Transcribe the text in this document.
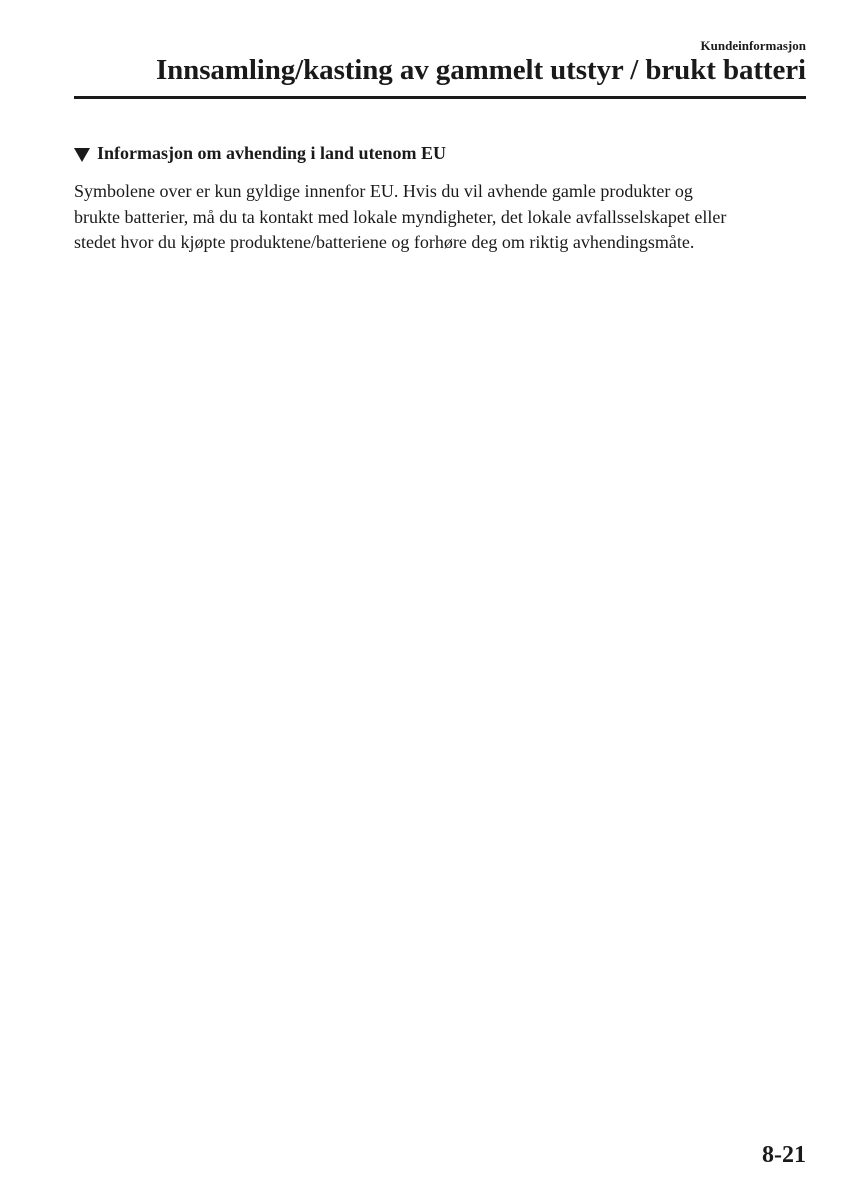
Kundeinformasjon
Innsamling/kasting av gammelt utstyr / brukt batteri
Informasjon om avhending i land utenom EU

Symbolene over er kun gyldige innenfor EU. Hvis du vil avhende gamle produkter og
brukte batterier, må du ta kontakt med lokale myndigheter, det lokale avfallsselskapet eller
stedet hvor du kjøpte produktene/batteriene og forhøre deg om riktig avhendingsmåte.

8-21
